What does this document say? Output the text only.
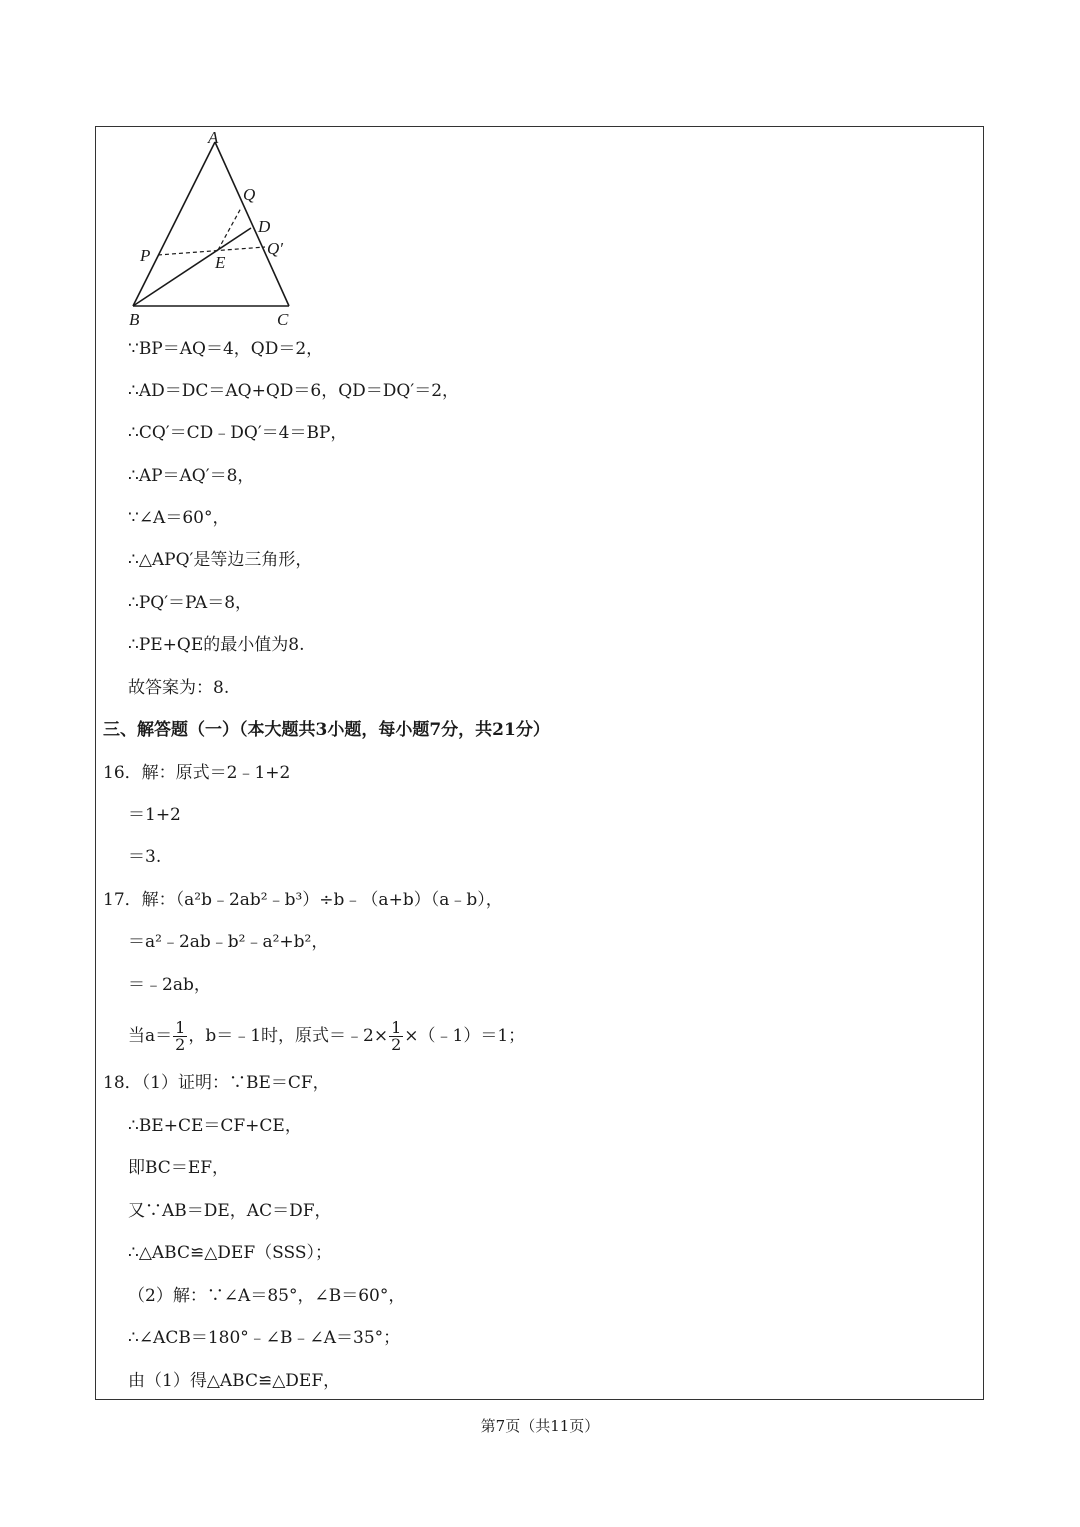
A
Q
D
Q′
P	E
B	C
∵BP＝AQ＝4，QD＝2，
∴AD＝DC＝AQ+QD＝6，QD＝DQ′＝2，
∴CQ′＝CD﹣DQ′＝4＝BP，
∴AP＝AQ′＝8，
∵∠A＝60°，
∴△APQ′是等边三角形，
∴PQ′＝PA＝8，
∴PE+QE的最小值为8.
故答案为：8.
三、解答题（一）（本大题共3小题，每小题7分，共21分）
16．解：原式＝2﹣1+2
＝1+2
＝3.
17．解：（a²b﹣2ab²﹣b³）÷b﹣（a+b）（a﹣b），
＝a²﹣2ab﹣b²﹣a²+b²，
＝﹣2ab，
当$a= \frac{1}{2}$ ，b＝﹣1时，原式＝﹣2× $\frac{1}{2}$ ×（﹣1）＝1；
18．（1）证明：∵BE＝CF，
∴BE+CE＝CF+CE，
即BC＝EF，
又∵AB＝DE，AC＝DF，
∴△ABC≌△DEF（SSS）；
（2）解：∵∠A＝85°，∠B＝60°，
∴∠ACB＝180°﹣∠B﹣∠A＝35°；
由（1）得△ABC≌△DEF，
第7页（共11页）
